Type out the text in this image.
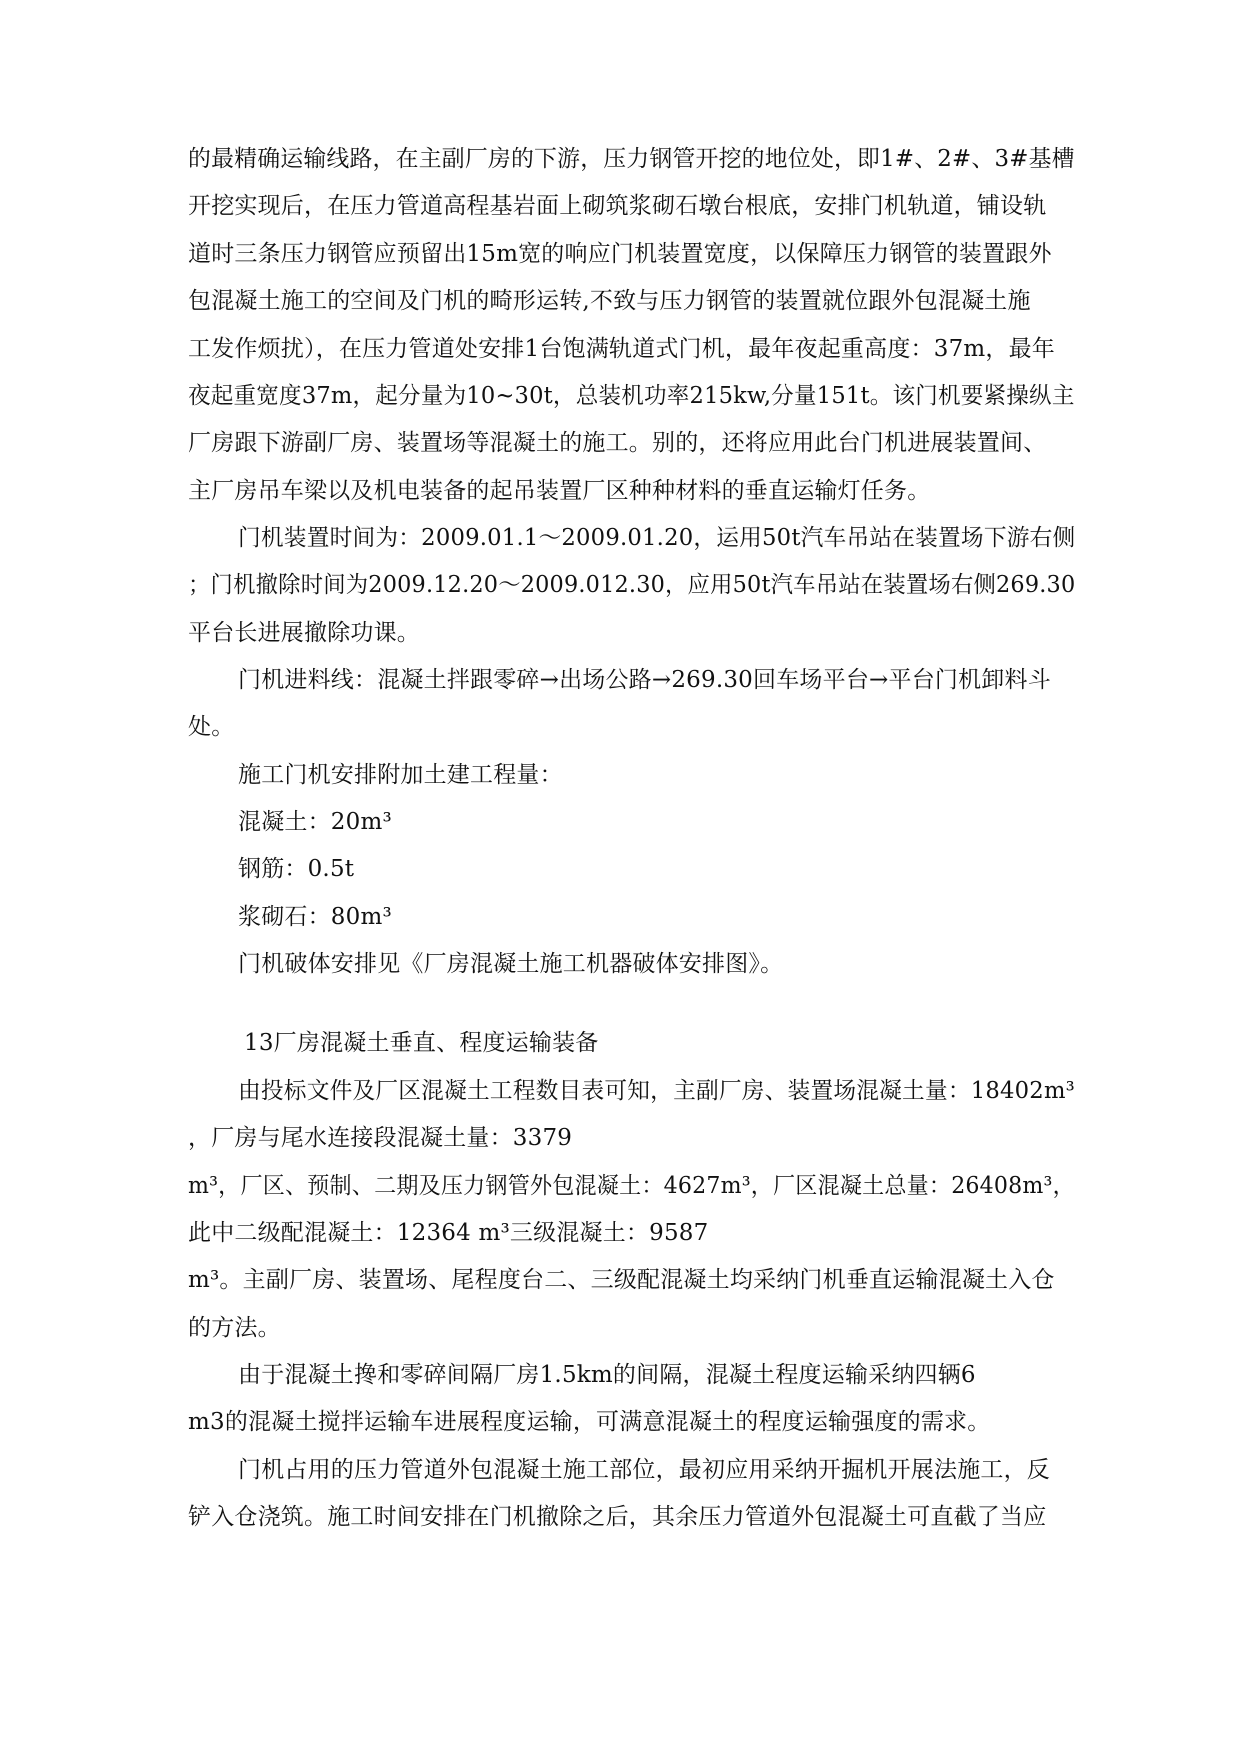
的最精确运输线路，在主副厂房的下游，压力钢管开挖的地位处，即1#、2#、3#基槽
开挖实现后，在压力管道高程基岩面上砌筑浆砌石墩台根底，安排门机轨道，铺设轨
道时三条压力钢管应预留出15m宽的响应门机装置宽度，以保障压力钢管的装置跟外
包混凝土施工的空间及门机的畸形运转,不致与压力钢管的装置就位跟外包混凝土施
工发作烦扰），在压力管道处安排1台饱满轨道式门机，最年夜起重高度：37m，最年
夜起重宽度37m，起分量为10~30t，总装机功率215kw,分量151t。该门机要紧操纵主
厂房跟下游副厂房、装置场等混凝土的施工。别的，还将应用此台门机进展装置间、
主厂房吊车梁以及机电装备的起吊装置厂区种种材料的垂直运输灯任务。
门机装置时间为：2009.01.1～2009.01.20，运用50t汽车吊站在装置场下游右侧
；门机撤除时间为2009.12.20～2009.012.30，应用50t汽车吊站在装置场右侧269.30
平台长进展撤除功课。
门机进料线：混凝土拌跟零碎→出场公路→269.30回车场平台→平台门机卸料斗
处。
施工门机安排附加土建工程量：
混凝土：20m³
钢筋：0.5t
浆砌石：80m³
门机破体安排见《厂房混凝土施工机器破体安排图》。
13厂房混凝土垂直、程度运输装备
由投标文件及厂区混凝土工程数目表可知，主副厂房、装置场混凝土量：18402m³
，厂房与尾水连接段混凝土量：3379
m³，厂区、预制、二期及压力钢管外包混凝土：4627m³，厂区混凝土总量：26408m³，
此中二级配混凝土：12364 m³三级混凝土：9587
m³。主副厂房、装置场、尾程度台二、三级配混凝土均采纳门机垂直运输混凝土入仓
的方法。
由于混凝土搀和零碎间隔厂房1.5km的间隔，混凝土程度运输采纳四辆6
m3的混凝土搅拌运输车进展程度运输，可满意混凝土的程度运输强度的需求。
门机占用的压力管道外包混凝土施工部位，最初应用采纳开掘机开展法施工，反
铲入仓浇筑。施工时间安排在门机撤除之后，其余压力管道外包混凝土可直截了当应
